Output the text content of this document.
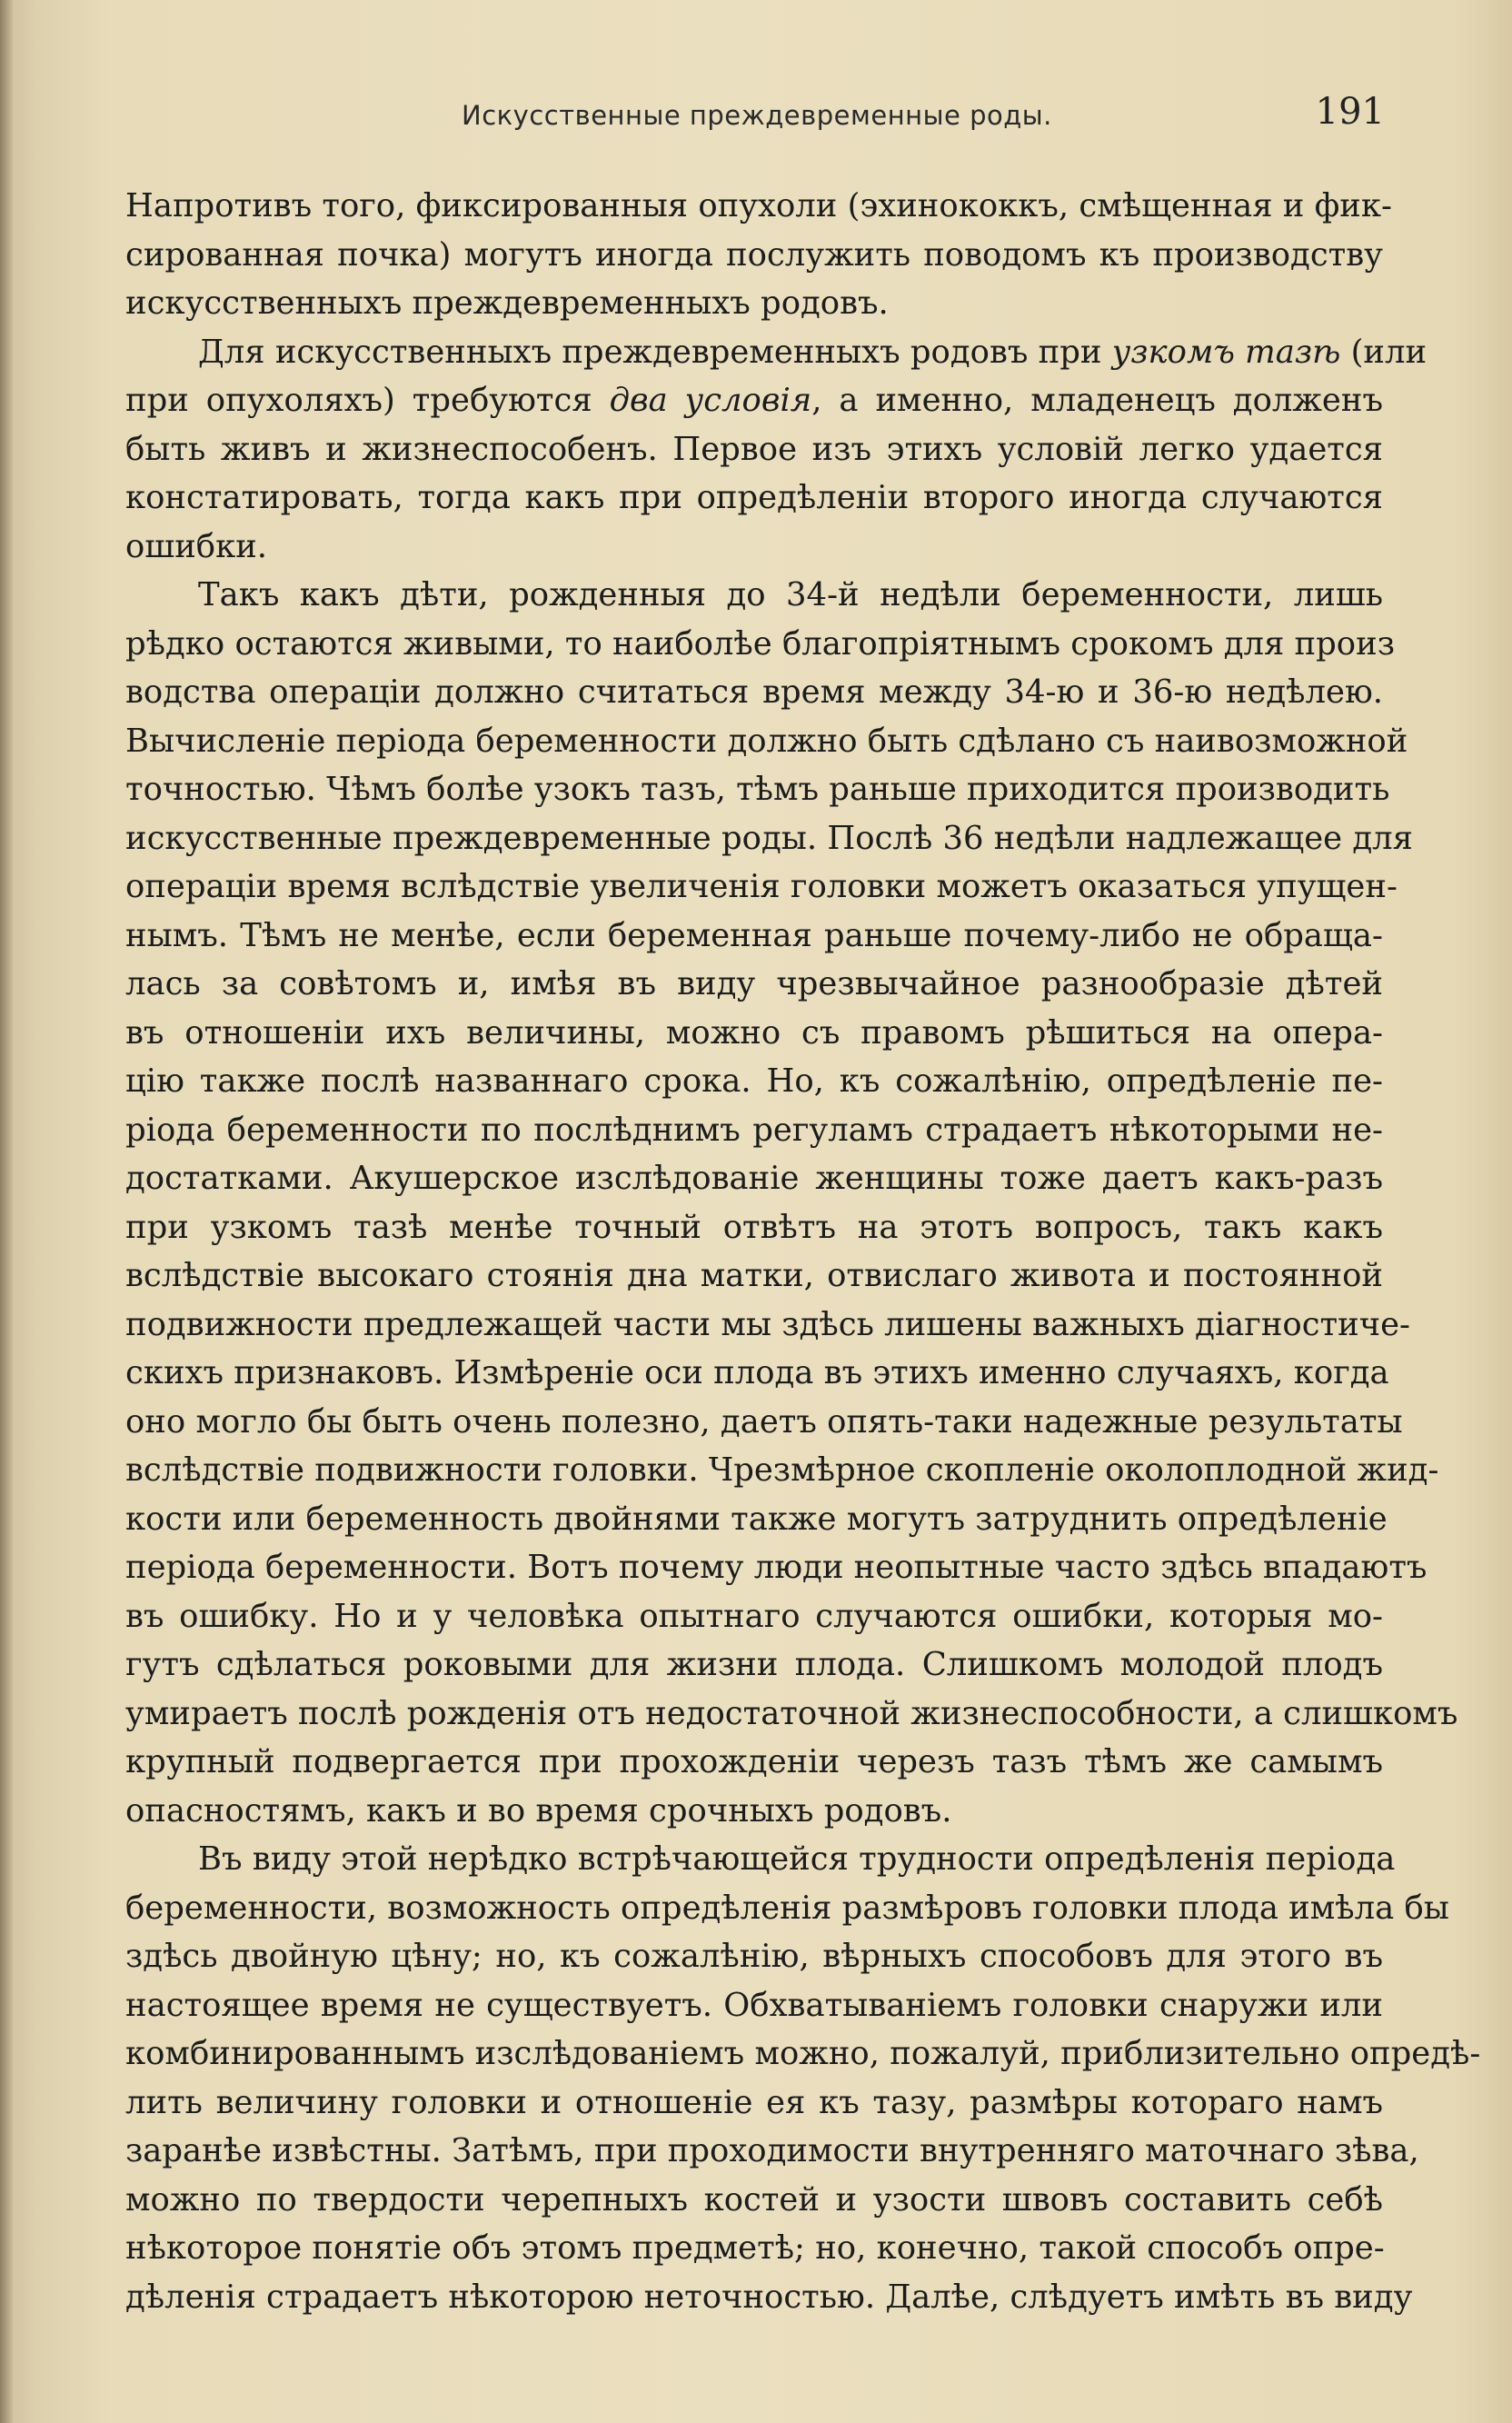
Искусственные преждевременные роды.	191
Напротивъ того, фиксированныя опухоли (эхинококкъ, смѣщенная и фик-
сированная почка) могутъ иногда послужить поводомъ къ производству
искусственныхъ преждевременныхъ родовъ.
Для искусственныхъ преждевременныхъ родовъ при узкомъ тазѣ (или
при опухоляхъ) требуются два условія, а именно, младенецъ долженъ
быть живъ и жизнеспособенъ. Первое изъ этихъ условій легко удается
констатировать, тогда какъ при опредѣленіи второго иногда случаются
ошибки.
Такъ какъ дѣти, рожденныя до 34-й недѣли беременности, лишь
рѣдко остаются живыми, то наиболѣе благопріятнымъ срокомъ для произ
водства операціи должно считаться время между 34-ю и 36-ю недѣлею.
Вычисленіе періода беременности должно быть сдѣлано съ наивозможной
точностью. Чѣмъ болѣе узокъ тазъ, тѣмъ раньше приходится производить
искусственные преждевременные роды. Послѣ 36 недѣли надлежащее для
операціи время вслѣдствіе увеличенія головки можетъ оказаться упущен-
нымъ. Тѣмъ не менѣе, если беременная раньше почему-либо не обраща-
лась за совѣтомъ и, имѣя въ виду чрезвычайное разнообразіе дѣтей
въ отношеніи ихъ величины, можно съ правомъ рѣшиться на опера-
цію также послѣ названнаго срока. Но, къ сожалѣнію, опредѣленіе пе-
ріода беременности по послѣднимъ регуламъ страдаетъ нѣкоторыми не-
достатками. Акушерское изслѣдованіе женщины тоже даетъ какъ-разъ
при узкомъ тазѣ менѣе точный отвѣтъ на этотъ вопросъ, такъ какъ
вслѣдствіе высокаго стоянія дна матки, отвислаго живота и постоянной
подвижности предлежащей части мы здѣсь лишены важныхъ діагностиче-
скихъ признаковъ. Измѣреніе оси плода въ этихъ именно случаяхъ, когда
оно могло бы быть очень полезно, даетъ опять-таки надежные результаты
вслѣдствіе подвижности головки. Чрезмѣрное скопленіе околоплодной жид-
кости или беременность двойнями также могутъ затруднить опредѣленіе
періода беременности. Вотъ почему люди неопытные часто здѣсь впадаютъ
въ ошибку. Но и у человѣка опытнаго случаются ошибки, которыя мо-
гутъ сдѣлаться роковыми для жизни плода. Слишкомъ молодой плодъ
умираетъ послѣ рожденія отъ недостаточной жизнеспособности, а слишкомъ
крупный подвергается при прохожденіи черезъ тазъ тѣмъ же самымъ
опасностямъ, какъ и во время срочныхъ родовъ.
Въ виду этой нерѣдко встрѣчающейся трудности опредѣленія періода
беременности, возможность опредѣленія размѣровъ головки плода имѣла бы
здѣсь двойную цѣну; но, къ сожалѣнію, вѣрныхъ способовъ для этого въ
настоящее время не существуетъ. Обхватываніемъ головки снаружи или
комбинированнымъ изслѣдованіемъ можно, пожалуй, приблизительно опредѣ-
лить величину головки и отношеніе ея къ тазу, размѣры котораго намъ
заранѣе извѣстны. Затѣмъ, при проходимости внутренняго маточнаго зѣва,
можно по твердости черепныхъ костей и узости швовъ составить себѣ
нѣкоторое понятіе объ этомъ предметѣ; но, конечно, такой способъ опре-
дѣленія страдаетъ нѣкоторою неточностью. Далѣе, слѣдуетъ имѣть въ виду
